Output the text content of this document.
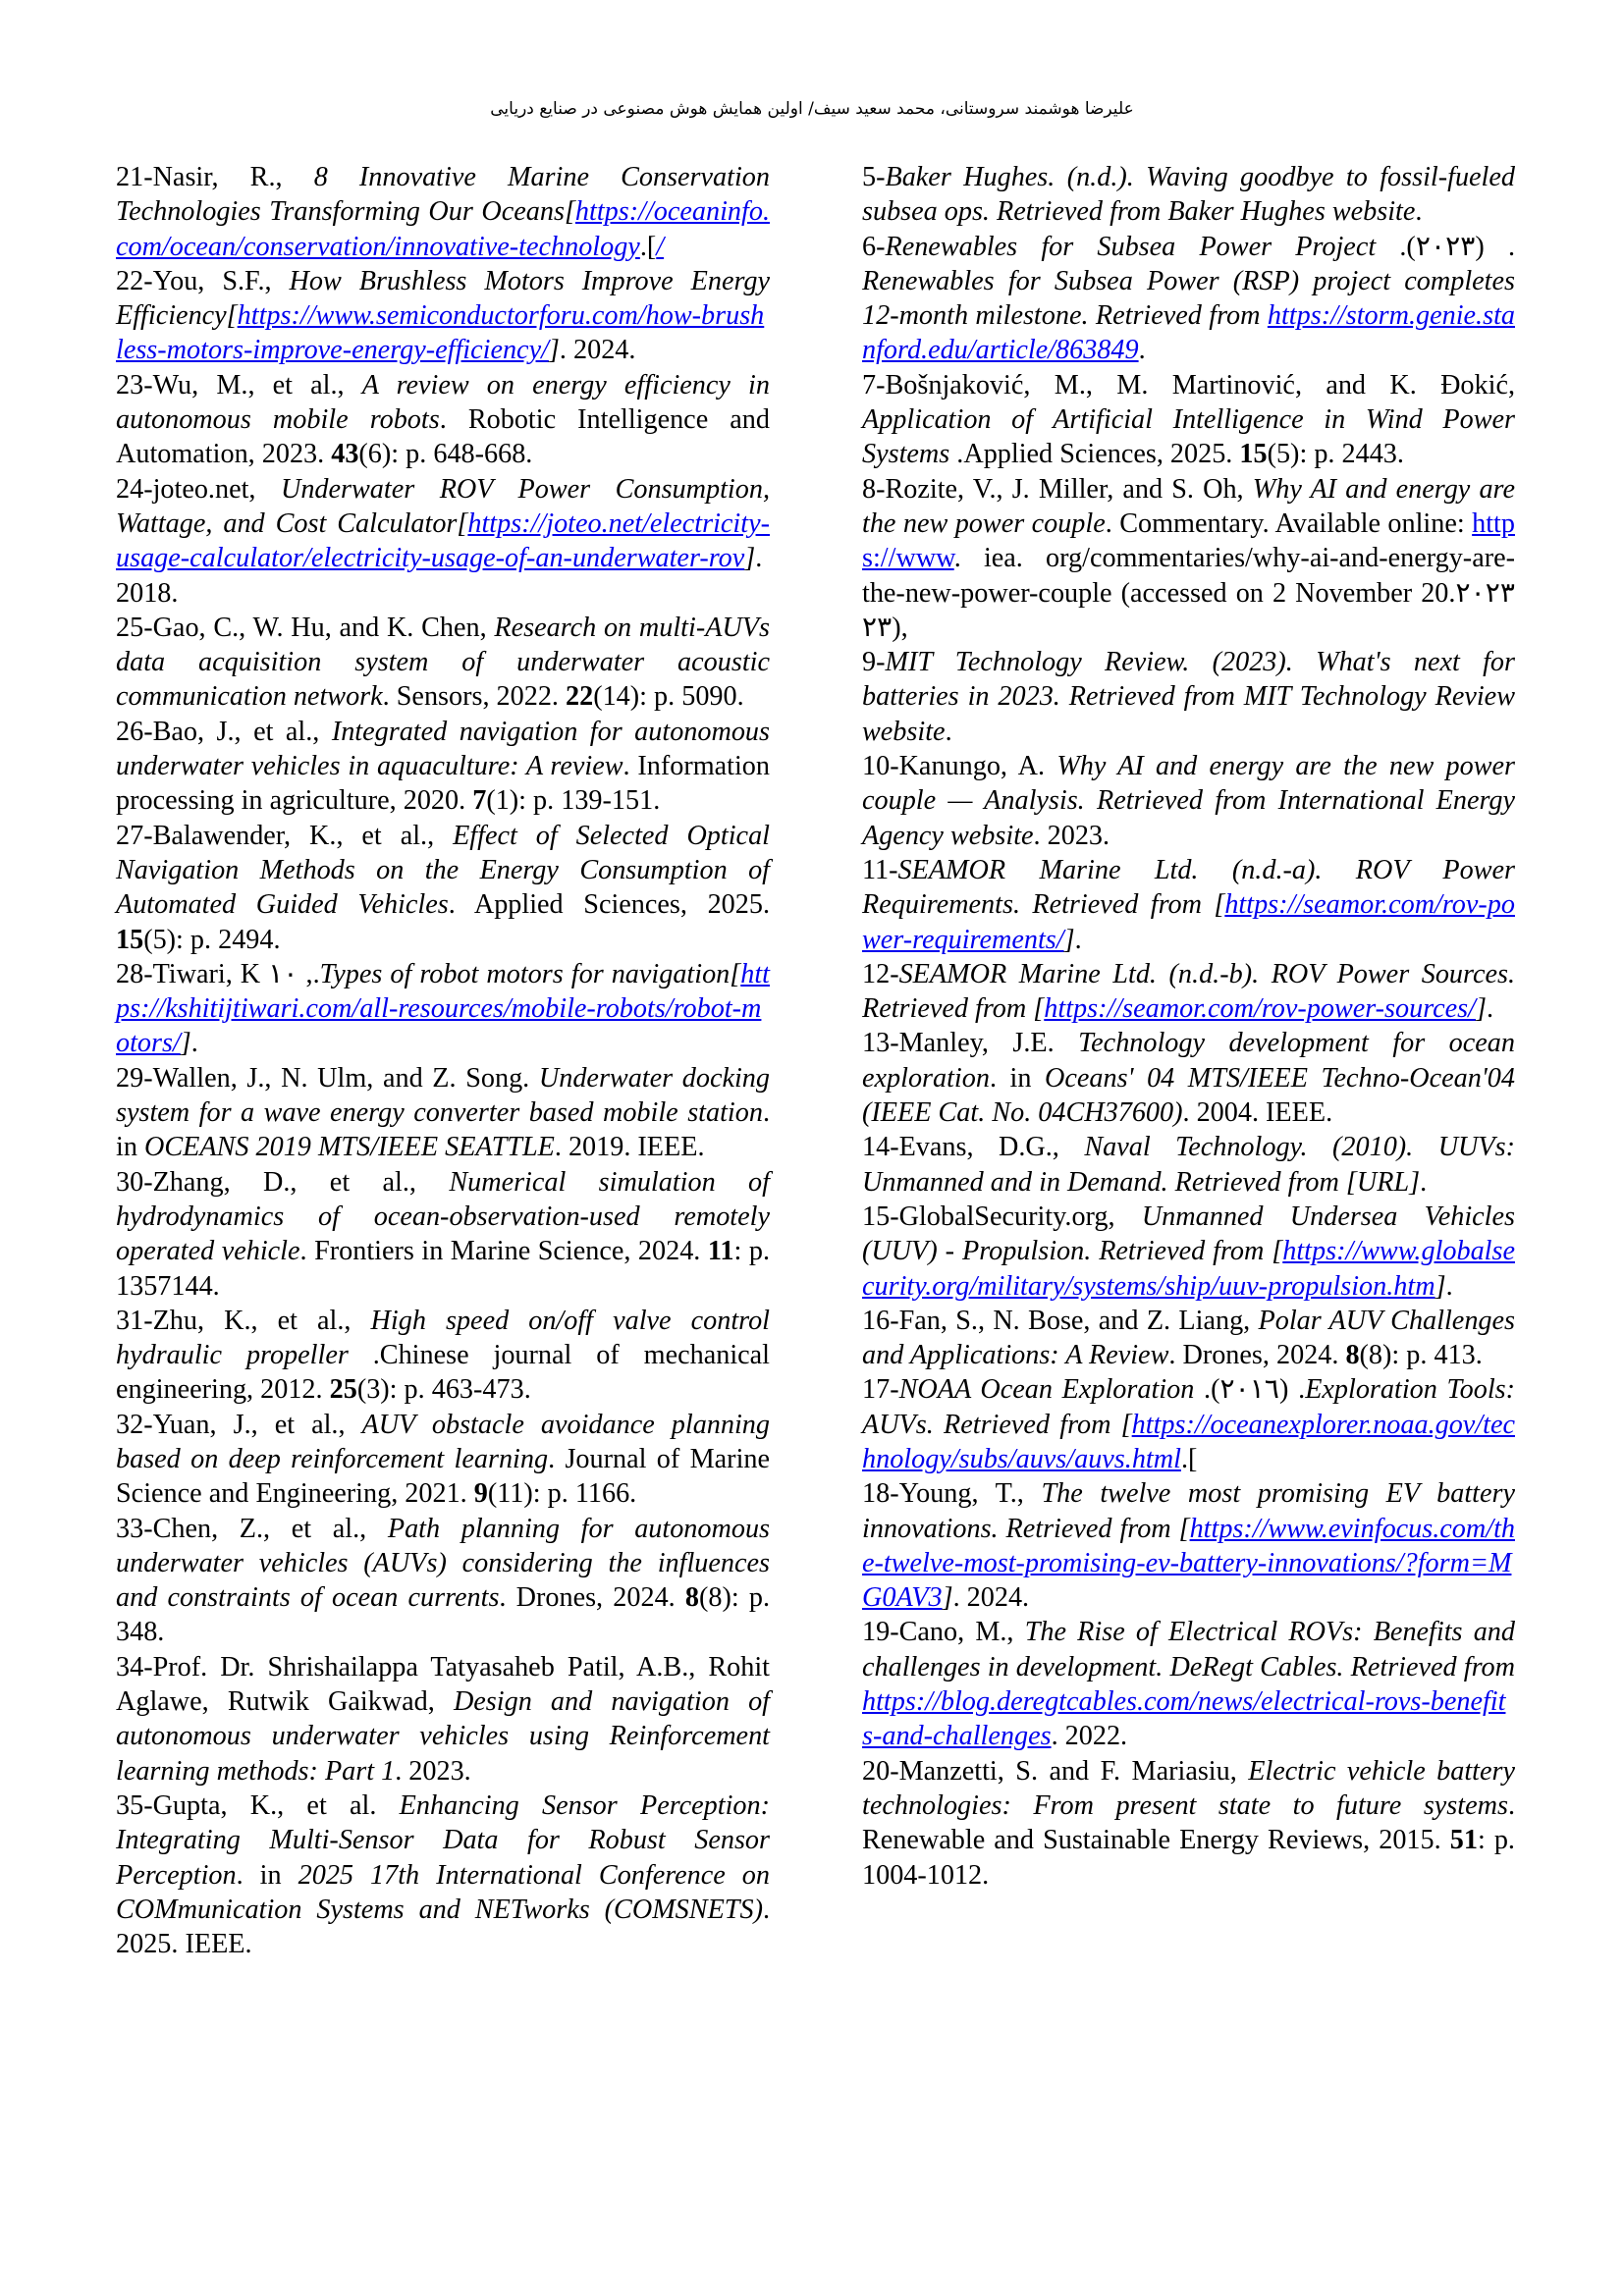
علیرضا هوشمند سروستانی، محمد سعید سیف/ اولین همایش هوش مصنوعی در صنایع دریایی

21-Nasir, R., 8 Innovative Marine Conservation Technologies Transforming Our Oceans[https://oceaninfo.com/ocean/conservation/innovative-technology.[/

22-You, S.F., How Brushless Motors Improve Energy Efficiency[https://www.semiconductorforu.com/how-brushless-motors-improve-energy-efficiency/]. 2024.

23-Wu, M., et al., A review on energy efficiency in autonomous mobile robots. Robotic Intelligence and Automation, 2023. 43(6): p. 648-668.

24-joteo.net, Underwater ROV Power Consumption, Wattage, and Cost Calculator[https://joteo.net/electricity-usage-calculator/electricity-usage-of-an-underwater-rov]. 2018.

25-Gao, C., W. Hu, and K. Chen, Research on multi-AUVs data acquisition system of underwater acoustic communication network. Sensors, 2022. 22(14): p. 5090.

26-Bao, J., et al., Integrated navigation for autonomous underwater vehicles in aquaculture: A review. Information processing in agriculture, 2020. 7(1): p. 139-151.

27-Balawender, K., et al., Effect of Selected Optical Navigation Methods on the Energy Consumption of Automated Guided Vehicles. Applied Sciences, 2025. 15(5): p. 2494.

28-Tiwari, K ١٠ ,.Types of robot motors for navigation[https://kshitijtiwari.com/all-resources/mobile-robots/robot-motors/].

29-Wallen, J., N. Ulm, and Z. Song. Underwater docking system for a wave energy converter based mobile station. in OCEANS 2019 MTS/IEEE SEATTLE. 2019. IEEE.

30-Zhang, D., et al., Numerical simulation of hydrodynamics of ocean-observation-used remotely operated vehicle. Frontiers in Marine Science, 2024. 11: p. 1357144.

31-Zhu, K., et al., High speed on/off valve control hydraulic propeller .Chinese journal of mechanical engineering, 2012. 25(3): p. 463-473.

32-Yuan, J., et al., AUV obstacle avoidance planning based on deep reinforcement learning. Journal of Marine Science and Engineering, 2021. 9(11): p. 1166.

33-Chen, Z., et al., Path planning for autonomous underwater vehicles (AUVs) considering the influences and constraints of ocean currents. Drones, 2024. 8(8): p. 348.

34-Prof. Dr. Shrishailappa Tatyasaheb Patil, A.B., Rohit Aglawe, Rutwik Gaikwad, Design and navigation of autonomous underwater vehicles using Reinforcement learning methods: Part 1. 2023.

35-Gupta, K., et al. Enhancing Sensor Perception: Integrating Multi-Sensor Data for Robust Sensor Perception. in 2025 17th International Conference on COMmunication Systems and NETworks (COMSNETS). 2025. IEEE.

5-Baker Hughes. (n.d.). Waving goodbye to fossil-fueled subsea ops. Retrieved from Baker Hughes website.

6-Renewables for Subsea Power Project .(٢٠٢٣) . Renewables for Subsea Power (RSP) project completes 12-month milestone. Retrieved from https://storm.genie.stanford.edu/article/863849.

7-Bošnjaković, M., M. Martinović, and K. Đokić, Application of Artificial Intelligence in Wind Power Systems .Applied Sciences, 2025. 15(5): p. 2443.

8-Rozite, V., J. Miller, and S. Oh, Why AI and energy are the new power couple. Commentary. Available online: https://www. iea. org/commentaries/why-ai-and-energy-are-the-new-power-couple (accessed on 2 November 20.٢٠٢٣ ,(٢٣

9-MIT Technology Review. (2023). What's next for batteries in 2023. Retrieved from MIT Technology Review website.

10-Kanungo, A. Why AI and energy are the new power couple — Analysis. Retrieved from International Energy Agency website. 2023.

11-SEAMOR Marine Ltd. (n.d.-a). ROV Power Requirements. Retrieved from [https://seamor.com/rov-power-requirements/].

12-SEAMOR Marine Ltd. (n.d.-b). ROV Power Sources. Retrieved from [https://seamor.com/rov-power-sources/].

13-Manley, J.E. Technology development for ocean exploration. in Oceans' 04 MTS/IEEE Techno-Ocean'04 (IEEE Cat. No. 04CH37600). 2004. IEEE.

14-Evans, D.G., Naval Technology. (2010). UUVs: Unmanned and in Demand. Retrieved from [URL].

15-GlobalSecurity.org, Unmanned Undersea Vehicles (UUV) - Propulsion. Retrieved from [https://www.globalsecurity.org/military/systems/ship/uuv-propulsion.htm].

16-Fan, S., N. Bose, and Z. Liang, Polar AUV Challenges and Applications: A Review. Drones, 2024. 8(8): p. 413.

17-NOAA Ocean Exploration .(٢٠١٦) .Exploration Tools: AUVs. Retrieved from [https://oceanexplorer.noaa.gov/technology/subs/auvs/auvs.html.[

18-Young, T., The twelve most promising EV battery innovations. Retrieved from [https://www.evinfocus.com/the-twelve-most-promising-ev-battery-innovations/?form=MG0AV3]. 2024.

19-Cano, M., The Rise of Electrical ROVs: Benefits and challenges in development. DeRegt Cables. Retrieved from https://blog.deregtcables.com/news/electrical-rovs-benefits-and-challenges. 2022.

20-Manzetti, S. and F. Mariasiu, Electric vehicle battery technologies: From present state to future systems. Renewable and Sustainable Energy Reviews, 2015. 51: p. 1004-1012.
